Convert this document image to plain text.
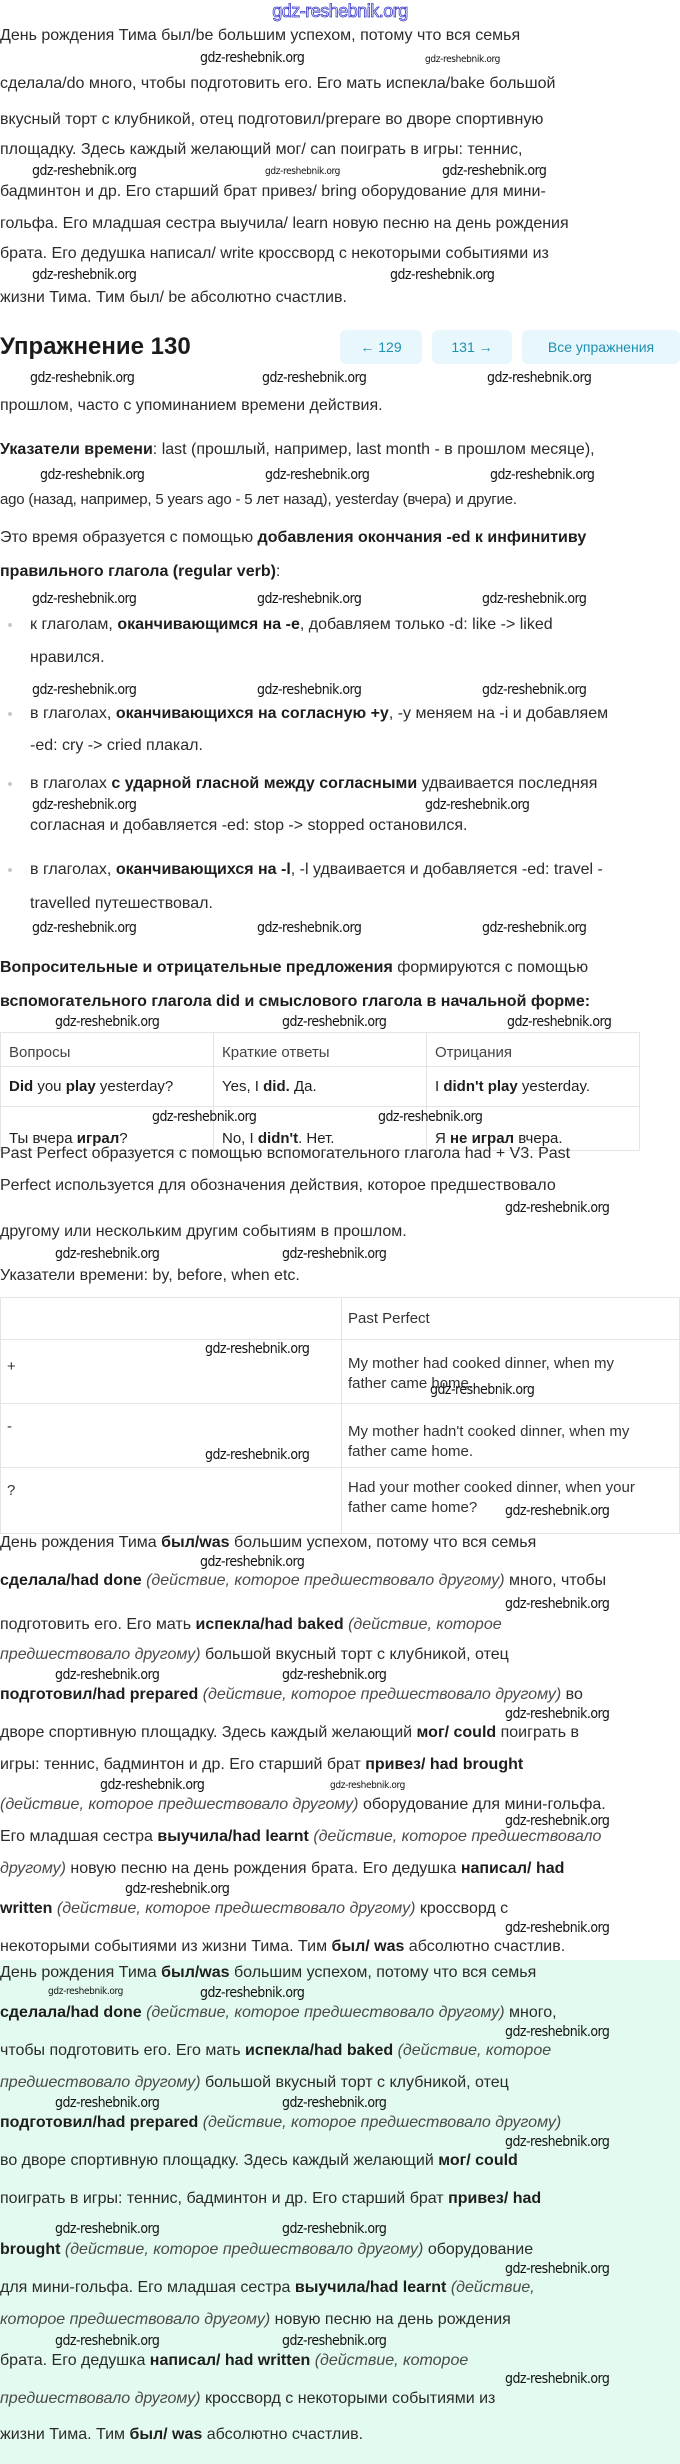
gdz-reshebnik.org
День рождения Тима был/be большим успехом, потому что вся семья
сделала/do много, чтобы подготовить его. Его мать испекла/bake большой
вкусный торт с клубникой, отец подготовил/prepare во дворе спортивную
площадку. Здесь каждый желающий мог/ can поиграть в игры: теннис,
бадминтон и др. Его старший брат привез/ bring оборудование для мини-
гольфа. Его младшая сестра выучила/ learn новую песню на день рождения
брата. Его дедушка написал/ write кроссворд с некоторыми событиями из
жизни Тима. Тим был/ be абсолютно счастлив.
Упражнение 130	← 129	131 →	Все упражнения
прошлом, часто с упоминанием времени действия.
Указатели времени: last (прошлый, например, last month - в прошлом месяце),
ago (назад, например, 5 years ago - 5 лет назад), yesterday (вчера) и другие.
Это время образуется с помощью добавления окончания -ed к инфинитиву
правильного глагола (regular verb):
к глаголам, оканчивающимся на -е, добавляем только -d: like -> liked
нравился.
в глаголах, оканчивающихся на согласную +y, -y меняем на -i и добавляем
-ed: cry -> cried плакал.
в глаголах с ударной гласной между согласными удваивается последняя
согласная и добавляется -ed: stop -> stopped остановился.
в глаголах, оканчивающихся на -l, -l удваивается и добавляется -ed: travel -
travelled путешествовал.
Вопросительные и отрицательные предложения формируются с помощью
вспомогательного глагола did и смыслового глагола в начальной форме:
Вопросы	Краткие ответы	Отрицания
Did you play yesterday?	Yes, I did. Да.	I didn't play yesterday.
Ты вчера играл?	No, I didn't. Нет.	Я не играл вчера.
Past Perfect образуется с помощью вспомогательного глагола had + V3. Past
Perfect используется для обозначения действия, которое предшествовало
другому или нескольким другим событиям в прошлом.
Указатели времени: by, before, when etc.
	Past Perfect
+	My mother had cooked dinner, when my
father came home.

-	My mother hadn't cooked dinner, when my
father came home.

?	Had your mother cooked dinner, when your
father came home?
День рождения Тима был/was большим успехом, потому что вся семья
сделала/had done (действие, которое предшествовало другому) много, чтобы
подготовить его. Его мать испекла/had baked (действие, которое
предшествовало другому) большой вкусный торт с клубникой, отец
подготовил/had prepared (действие, которое предшествовало другому) во
дворе спортивную площадку. Здесь каждый желающий мог/ could поиграть в
игры: теннис, бадминтон и др. Его старший брат привез/ had brought
(действие, которое предшествовало другому) оборудование для мини-гольфа.
Его младшая сестра выучила/had learnt (действие, которое предшествовало
другому) новую песню на день рождения брата. Его дедушка написал/ had
written (действие, которое предшествовало другому) кроссворд с
некоторыми событиями из жизни Тима. Тим был/ was абсолютно счастлив.
День рождения Тима был/was большим успехом, потому что вся семья
сделала/had done (действие, которое предшествовало другому) много,
чтобы подготовить его. Его мать испекла/had baked (действие, которое
предшествовало другому) большой вкусный торт с клубникой, отец
подготовил/had prepared (действие, которое предшествовало другому)
во дворе спортивную площадку. Здесь каждый желающий мог/ could
поиграть в игры: теннис, бадминтон и др. Его старший брат привез/ had
brought (действие, которое предшествовало другому) оборудование
для мини-гольфа. Его младшая сестра выучила/had learnt (действие,
которое предшествовало другому) новую песню на день рождения
брата. Его дедушка написал/ had written (действие, которое
предшествовало другому) кроссворд с некоторыми событиями из
жизни Тима. Тим был/ was абсолютно счастлив.
gdz-reshebnik.org	gdz-reshebnik.org
gdz-reshebnik.org	gdz-reshebnik.org	gdz-reshebnik.org
gdz-reshebnik.org	gdz-reshebnik.org
gdz-reshebnik.org	gdz-reshebnik.org	gdz-reshebnik.org
gdz-reshebnik.org	gdz-reshebnik.org	gdz-reshebnik.org
gdz-reshebnik.org	gdz-reshebnik.org	gdz-reshebnik.org
gdz-reshebnik.org	gdz-reshebnik.org	gdz-reshebnik.org
gdz-reshebnik.org	gdz-reshebnik.org
gdz-reshebnik.org	gdz-reshebnik.org	gdz-reshebnik.org
gdz-reshebnik.org	gdz-reshebnik.org	gdz-reshebnik.org
gdz-reshebnik.org	gdz-reshebnik.org
gdz-reshebnik.org
gdz-reshebnik.org	gdz-reshebnik.org
gdz-reshebnik.org
gdz-reshebnik.org
gdz-reshebnik.org
gdz-reshebnik.org
gdz-reshebnik.org
gdz-reshebnik.org
gdz-reshebnik.org	gdz-reshebnik.org
gdz-reshebnik.org
gdz-reshebnik.org	gdz-reshebnik.org
gdz-reshebnik.org
gdz-reshebnik.org
gdz-reshebnik.org
gdz-reshebnik.org	gdz-reshebnik.org
gdz-reshebnik.org
gdz-reshebnik.org	gdz-reshebnik.org
gdz-reshebnik.org
gdz-reshebnik.org	gdz-reshebnik.org
gdz-reshebnik.org
gdz-reshebnik.org	gdz-reshebnik.org
gdz-reshebnik.org
